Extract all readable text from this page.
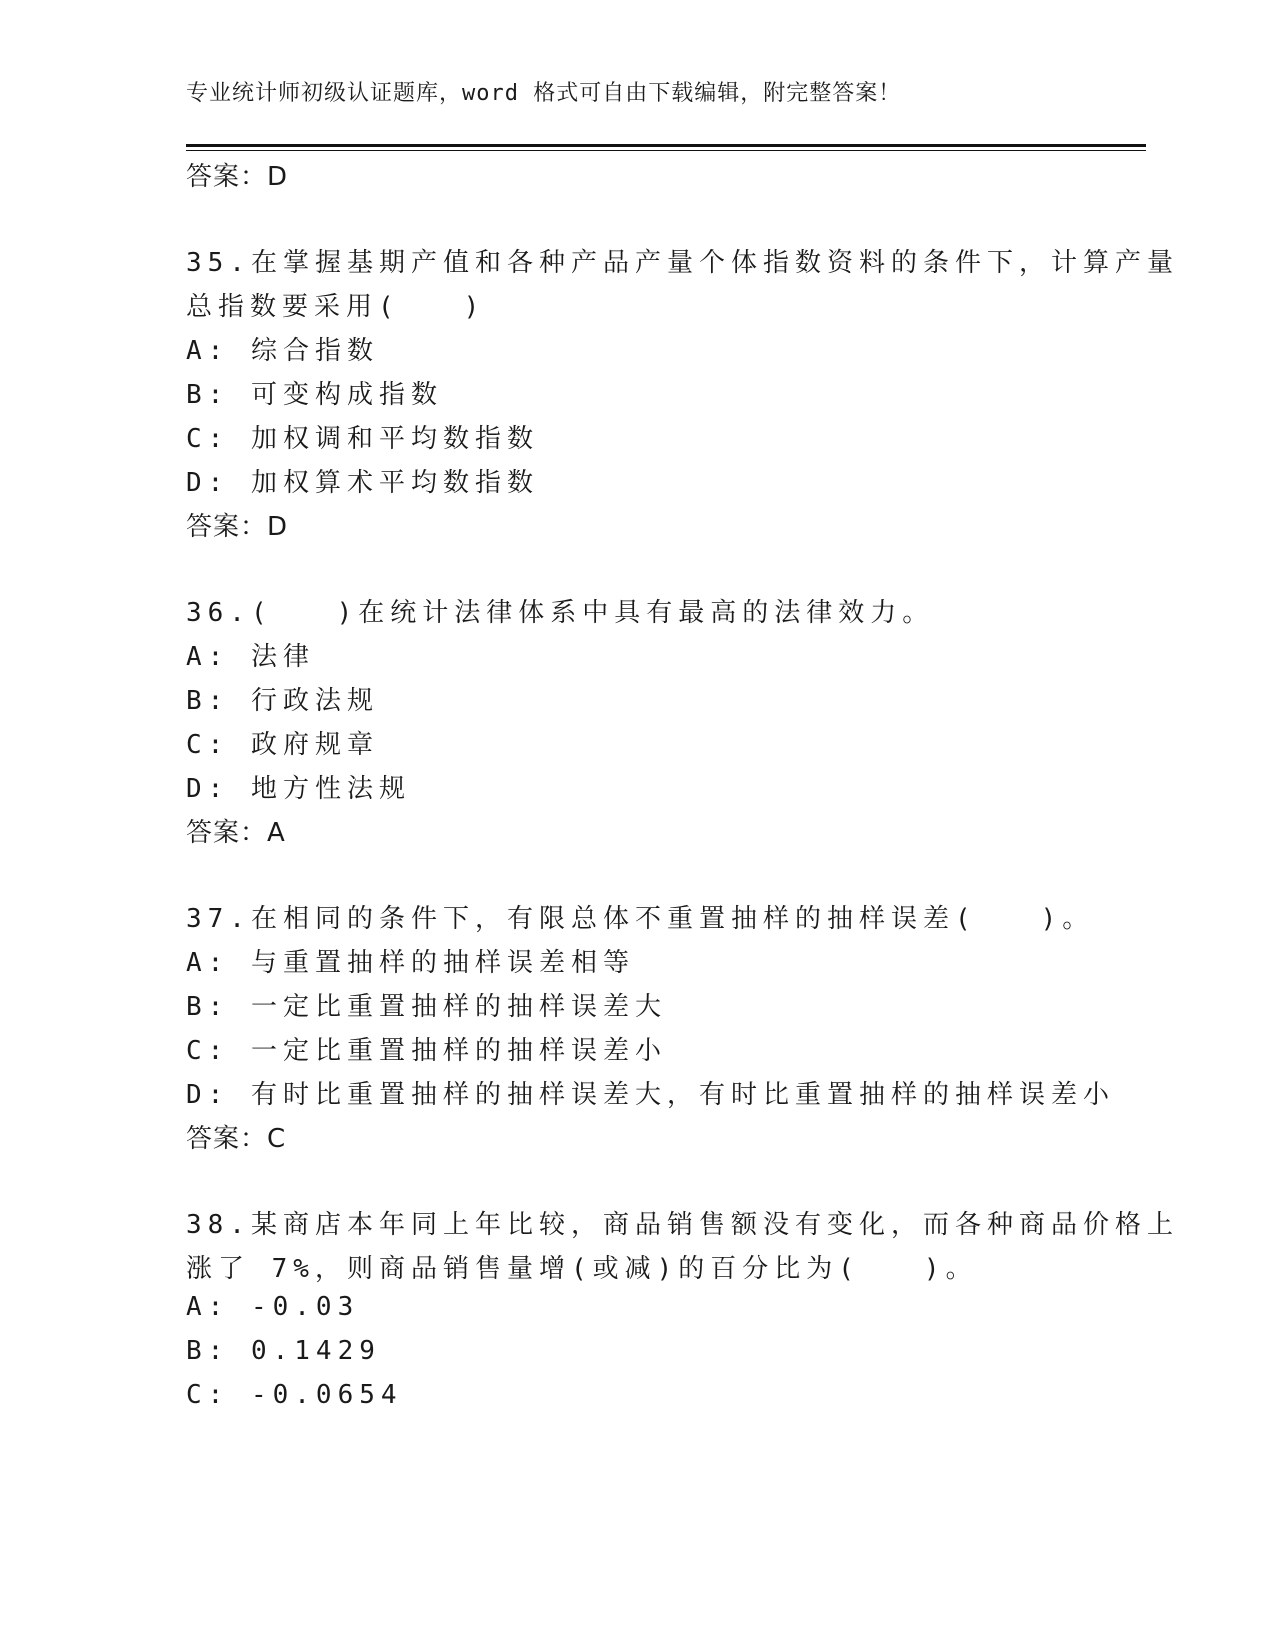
专业统计师初级认证题库，word 格式可自由下载编辑，附完整答案！
答案：D
35.在掌握基期产值和各种产品产量个体指数资料的条件下，计算产量
总指数要采用(　　)
A: 综合指数
B: 可变构成指数
C: 加权调和平均数指数
D: 加权算术平均数指数
答案：D
36.(　　)在统计法律体系中具有最高的法律效力。
A: 法律
B: 行政法规
C: 政府规章
D: 地方性法规
答案：A
37.在相同的条件下，有限总体不重置抽样的抽样误差(　　)。
A: 与重置抽样的抽样误差相等
B: 一定比重置抽样的抽样误差大
C: 一定比重置抽样的抽样误差小
D: 有时比重置抽样的抽样误差大，有时比重置抽样的抽样误差小
答案：C
38.某商店本年同上年比较，商品销售额没有变化，而各种商品价格上
涨了 7%，则商品销售量增(或减)的百分比为(　　)。
A: -0.03
B: 0.1429
C: -0.0654
